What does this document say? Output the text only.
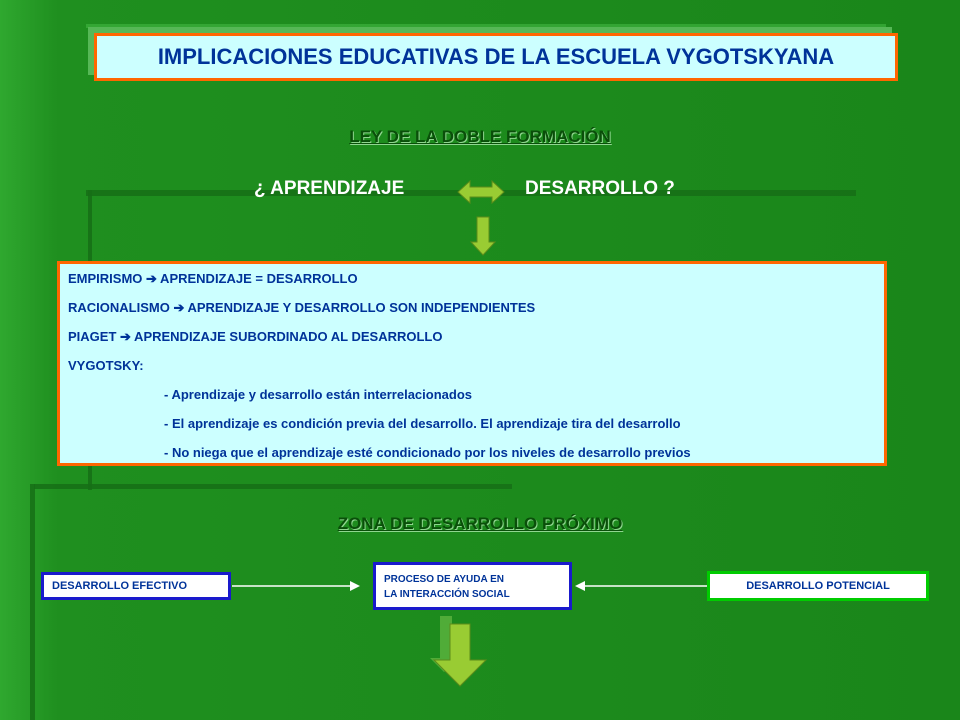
IMPLICACIONES EDUCATIVAS DE LA ESCUELA VYGOTSKYANA
LEY DE LA DOBLE FORMACIÓN
¿ APRENDIZAJE	DESARROLLO ?
EMPIRISMO ➔ APRENDIZAJE = DESARROLLO
RACIONALISMO ➔ APRENDIZAJE Y DESARROLLO SON INDEPENDIENTES
PIAGET ➔ APRENDIZAJE SUBORDINADO AL DESARROLLO
VYGOTSKY:
- Aprendizaje y desarrollo están interrelacionados
- El aprendizaje es condición previa del desarrollo. El aprendizaje tira del desarrollo
- No niega que el aprendizaje esté condicionado por los niveles de desarrollo previos
ZONA DE DESARROLLO PRÓXIMO
DESARROLLO EFECTIVO
PROCESO DE AYUDA EN
LA INTERACCIÓN SOCIAL
DESARROLLO POTENCIAL
